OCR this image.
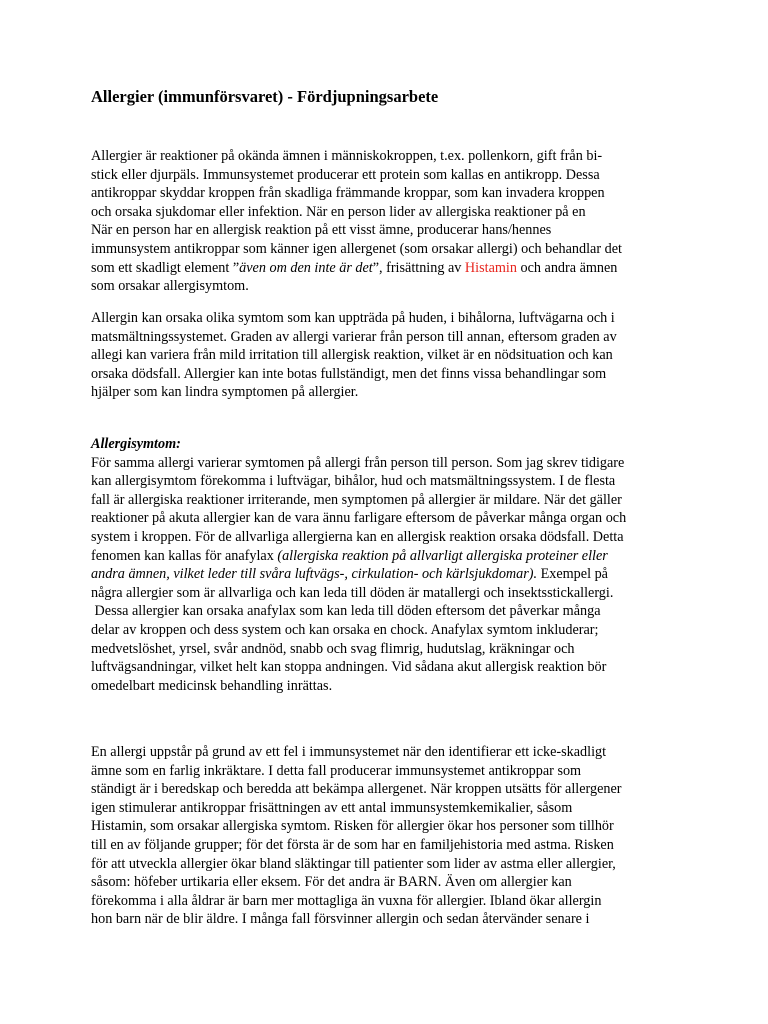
Allergier (immunförsvaret) - Fördjupningsarbete
Allergier är reaktioner på okända ämnen i människokroppen, t.ex. pollenkorn, gift från bi-
stick eller djurpäls. Immunsystemet producerar ett protein som kallas en antikropp. Dessa
antikroppar skyddar kroppen från skadliga främmande kroppar, som kan invadera kroppen
och orsaka sjukdomar eller infektion. När en person lider av allergiska reaktioner på en
När en person har en allergisk reaktion på ett visst ämne, producerar hans/hennes
immunsystem antikroppar som känner igen allergenet (som orsakar allergi) och behandlar det
som ett skadligt element ”även om den inte är det”, frisättning av Histamin och andra ämnen
som orsakar allergisymtom.
Allergin kan orsaka olika symtom som kan uppträda på huden, i bihålorna, luftvägarna och i
matsmältningssystemet. Graden av allergi varierar från person till annan, eftersom graden av
allegi kan variera från mild irritation till allergisk reaktion, vilket är en nödsituation och kan
orsaka dödsfall. Allergier kan inte botas fullständigt, men det finns vissa behandlingar som
hjälper som kan lindra symptomen på allergier.
Allergisymtom:
För samma allergi varierar symtomen på allergi från person till person. Som jag skrev tidigare
kan allergisymtom förekomma i luftvägar, bihålor, hud och matsmältningssystem. I de flesta
fall är allergiska reaktioner irriterande, men symptomen på allergier är mildare. När det gäller
reaktioner på akuta allergier kan de vara ännu farligare eftersom de påverkar många organ och
system i kroppen. För de allvarliga allergierna kan en allergisk reaktion orsaka dödsfall. Detta
fenomen kan kallas för anafylax (allergiska reaktion på allvarligt allergiska proteiner eller
andra ämnen, vilket leder till svåra luftvägs-, cirkulation- och kärlsjukdomar). Exempel på
några allergier som är allvarliga och kan leda till döden är matallergi och insektsstickallergi.
Dessa allergier kan orsaka anafylax som kan leda till döden eftersom det påverkar många
delar av kroppen och dess system och kan orsaka en chock. Anafylax symtom inkluderar;
medvetslöshet, yrsel, svår andnöd, snabb och svag flimrig, hudutslag, kräkningar och
luftvägsandningar, vilket helt kan stoppa andningen. Vid sådana akut allergisk reaktion bör
omedelbart medicinsk behandling inrättas.
En allergi uppstår på grund av ett fel i immunsystemet när den identifierar ett icke-skadligt
ämne som en farlig inkräktare. I detta fall producerar immunsystemet antikroppar som
ständigt är i beredskap och beredda att bekämpa allergenet. När kroppen utsätts för allergener
igen stimulerar antikroppar frisättningen av ett antal immunsystemkemikalier, såsom
Histamin, som orsakar allergiska symtom. Risken för allergier ökar hos personer som tillhör
till en av följande grupper; för det första är de som har en familjehistoria med astma. Risken
för att utveckla allergier ökar bland släktingar till patienter som lider av astma eller allergier,
såsom: höfeber urtikaria eller eksem. För det andra är BARN. Även om allergier kan
förekomma i alla åldrar är barn mer mottagliga än vuxna för allergier. Ibland ökar allergin
hon barn när de blir äldre. I många fall försvinner allergin och sedan återvänder senare i
